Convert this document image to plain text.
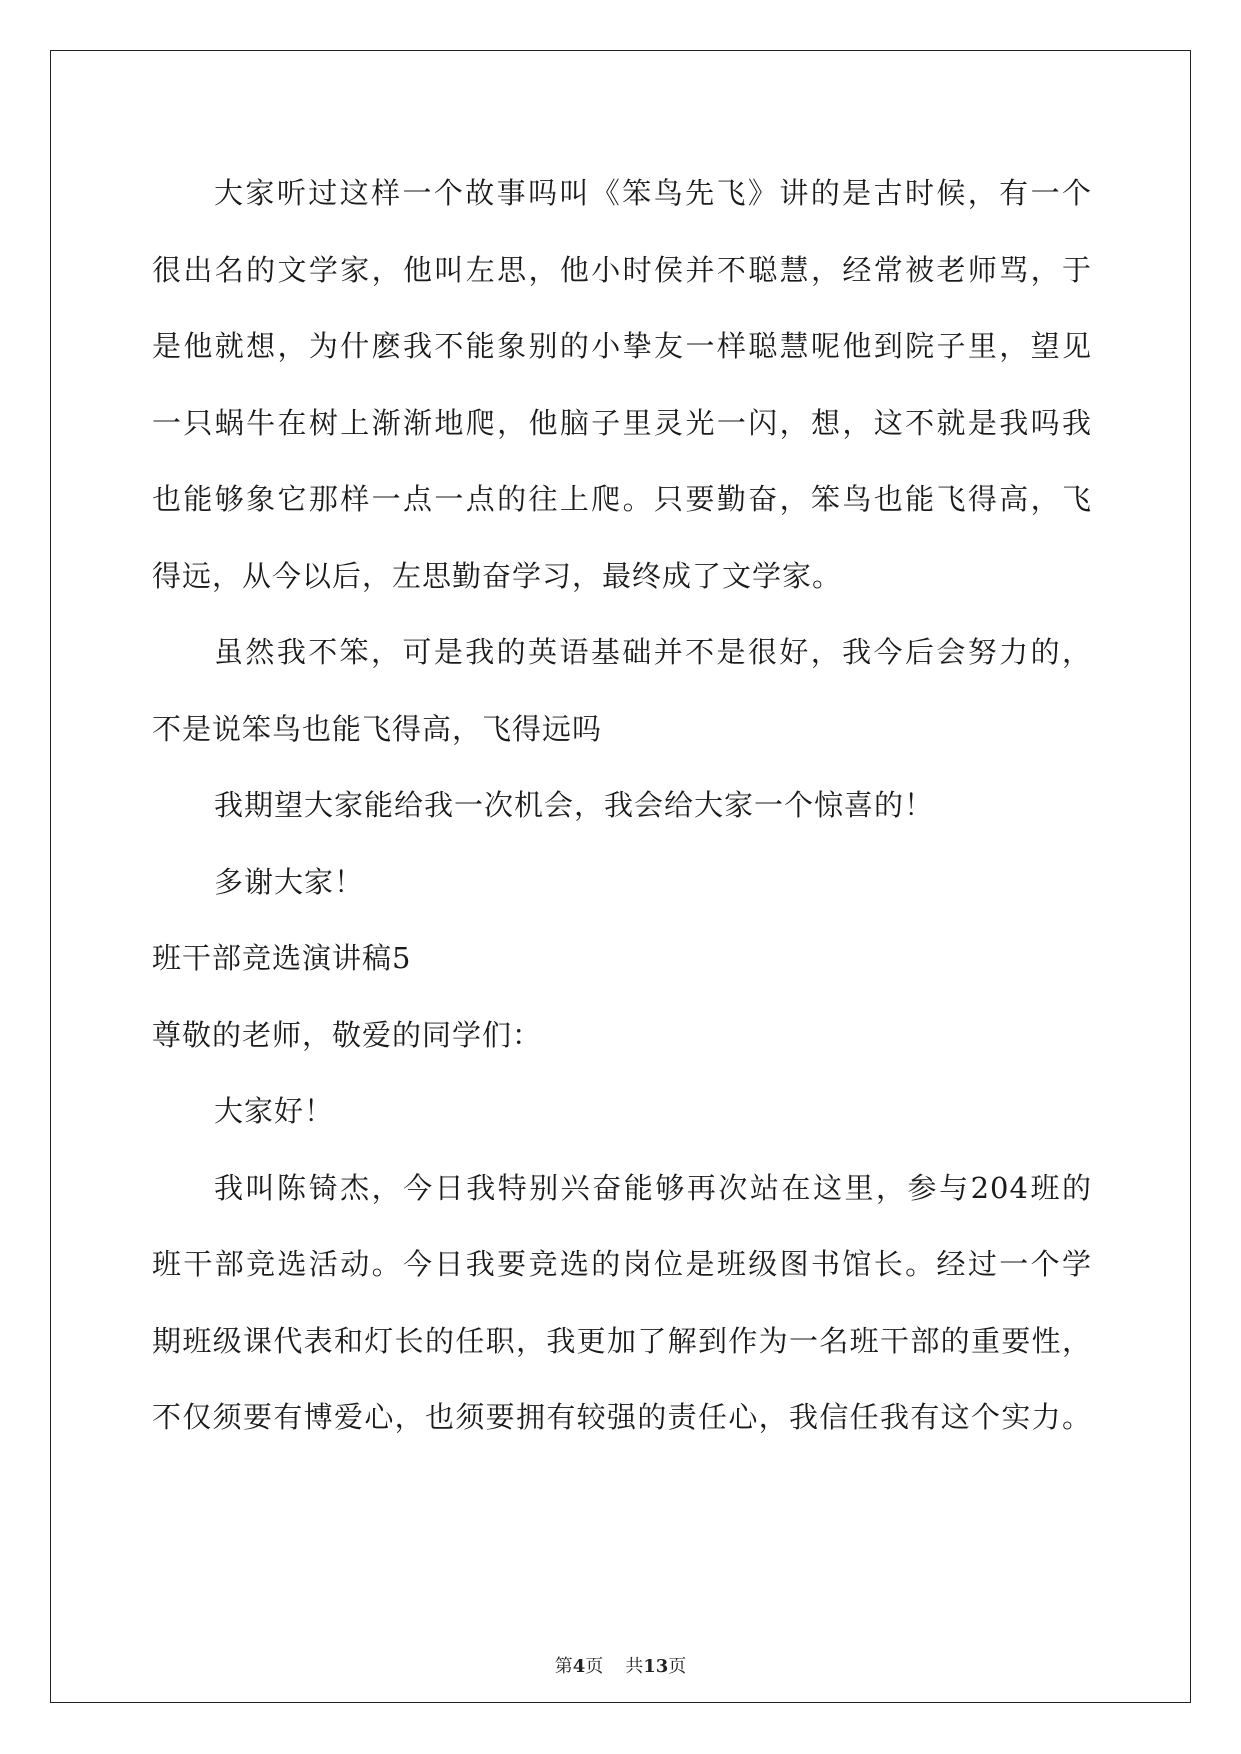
大家听过这样一个故事吗叫《笨鸟先飞》讲的是古时候，有一个
很出名的文学家，他叫左思，他小时侯并不聪慧，经常被老师骂，于
是他就想，为什麽我不能象别的小挚友一样聪慧呢他到院子里，望见
一只蜗牛在树上渐渐地爬，他脑子里灵光一闪，想，这不就是我吗我
也能够象它那样一点一点的往上爬。只要勤奋，笨鸟也能飞得高，飞
得远，从今以后，左思勤奋学习，最终成了文学家。
虽然我不笨，可是我的英语基础并不是很好，我今后会努力的，
不是说笨鸟也能飞得高，飞得远吗
我期望大家能给我一次机会，我会给大家一个惊喜的！
多谢大家！
班干部竞选演讲稿5
尊敬的老师，敬爱的同学们：
大家好！
我叫陈锜杰，今日我特别兴奋能够再次站在这里，参与204班的
班干部竞选活动。今日我要竞选的岗位是班级图书馆长。经过一个学
期班级课代表和灯长的任职，我更加了解到作为一名班干部的重要性，
不仅须要有博爱心，也须要拥有较强的责任心，我信任我有这个实力。
第4页 共13页
